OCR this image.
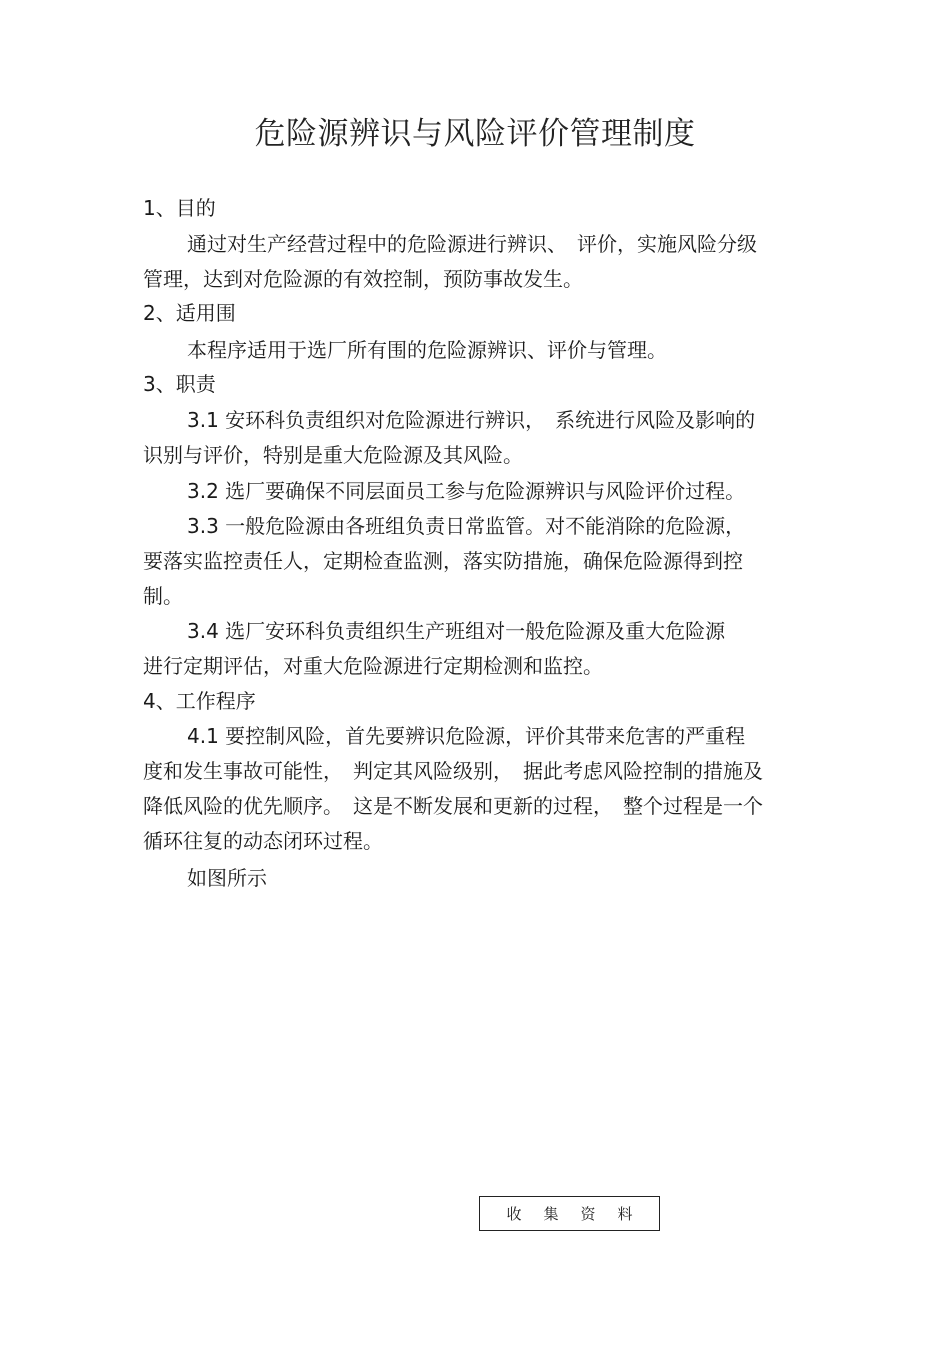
危险源辨识与风险评价管理制度
1、目的
通过对生产经营过程中的危险源进行辨识、　评价，实施风险分级
管理，达到对危险源的有效控制，预防事故发生。
2、适用围
本程序适用于选厂所有围的危险源辨识、评价与管理。
3、职责
3.1 安环科负责组织对危险源进行辨识，　系统进行风险及影响的
识别与评价，特别是重大危险源及其风险。
3.2 选厂要确保不同层面员工参与危险源辨识与风险评价过程。
3.3 一般危险源由各班组负责日常监管。对不能消除的危险源，
要落实监控责任人，定期检查监测，落实防措施，确保危险源得到控
制。
3.4 选厂安环科负责组织生产班组对一般危险源及重大危险源
进行定期评估，对重大危险源进行定期检测和监控。
4、工作程序
4.1 要控制风险，首先要辨识危险源，评价其带来危害的严重程
度和发生事故可能性，　判定其风险级别，　据此考虑风险控制的措施及
降低风险的优先顺序。　这是不断发展和更新的过程，　整个过程是一个
循环往复的动态闭环过程。
如图所示
收集资料
